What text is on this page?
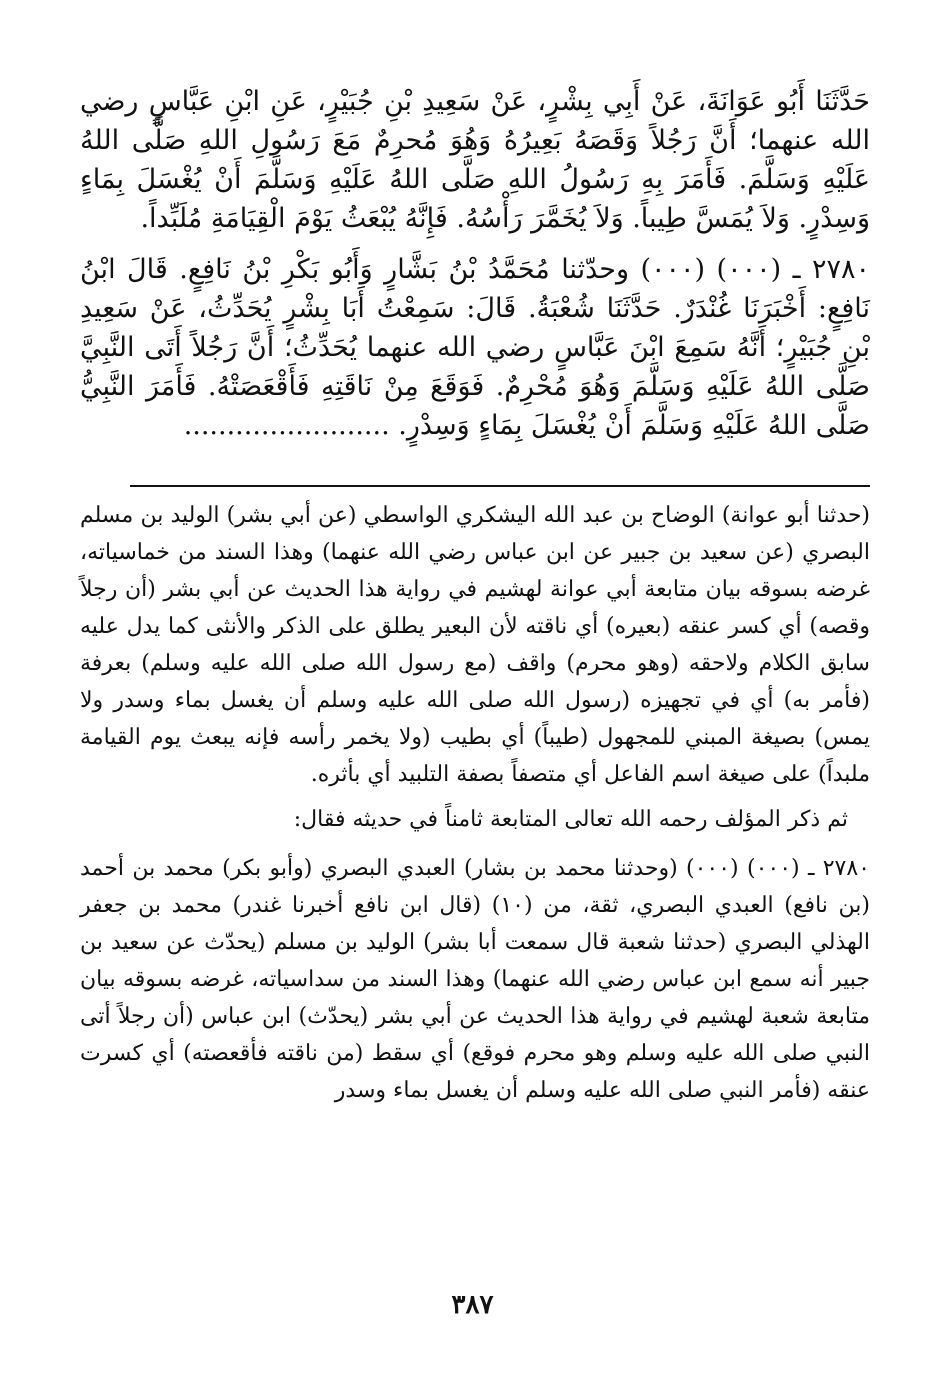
حَدَّثَنَا أَبُو عَوَانَةَ، عَنْ أَبِي بِشْرٍ، عَنْ سَعِيدِ بْنِ جُبَيْرٍ، عَنِ ابْنِ عَبَّاسٍ رضي الله عنهما؛ أَنَّ رَجُلاً وَقَصَهُ بَعِيرُهُ وَهُوَ مُحرِمٌ مَعَ رَسُولِ اللهِ صَلَّى اللهُ عَلَيْهِ وَسَلَّمَ. فَأَمَرَ بِهِ رَسُولُ اللهِ صَلَّى اللهُ عَلَيْهِ وَسَلَّمَ أَنْ يُغْسَلَ بِمَاءٍ وَسِدْرٍ. وَلاَ يُمَسَّ طِيباً. وَلاَ يُخَمَّرَ رَأْسُهُ. فَإِنَّهُ يُبْعَثُ يَوْمَ الْقِيَامَةِ مُلَبِّداً.

٢٧٨٠ ـ (٠٠٠) (٠٠٠) وحدّثنا مُحَمَّدُ بْنُ بَشَّارٍ وَأَبُو بَكْرِ بْنُ نَافِعٍ. قَالَ ابْنُ نَافِعٍ: أَخْبَرَنَا غُنْدَرٌ. حَدَّثَنَا شُعْبَةُ. قَالَ: سَمِعْتُ أَبَا بِشْرٍ يُحَدِّثُ، عَنْ سَعِيدِ بْنِ جُبَيْرٍ؛ أَنَّهُ سَمِعَ ابْنَ عَبَّاسٍ رضي الله عنهما يُحَدِّثُ؛ أَنَّ رَجُلاً أَتَى النَّبِيَّ صَلَّى اللهُ عَلَيْهِ وَسَلَّمَ وَهُوَ مُحْرِمٌ. فَوَقَعَ مِنْ نَاقَتِهِ فَأَقْعَصَتْهُ. فَأَمَرَ النَّبِيُّ صَلَّى اللهُ عَلَيْهِ وَسَلَّمَ أَنْ يُغْسَلَ بِمَاءٍ وَسِدْرٍ. ........................

(حدثنا أبو عوانة) الوضاح بن عبد الله اليشكري الواسطي (عن أبي بشر) الوليد بن مسلم البصري (عن سعيد بن جبير عن ابن عباس رضي الله عنهما) وهذا السند من خماسياته، غرضه بسوقه بيان متابعة أبي عوانة لهشيم في رواية هذا الحديث عن أبي بشر (أن رجلاً وقصه) أي كسر عنقه (بعيره) أي ناقته لأن البعير يطلق على الذكر والأنثى كما يدل عليه سابق الكلام ولاحقه (وهو محرم) واقف (مع رسول الله صلى الله عليه وسلم) بعرفة (فأمر به) أي في تجهيزه (رسول الله صلى الله عليه وسلم أن يغسل بماء وسدر ولا يمس) بصيغة المبني للمجهول (طيباً) أي بطيب (ولا يخمر رأسه فإنه يبعث يوم القيامة ملبداً) على صيغة اسم الفاعل أي متصفاً بصفة التلبيد أي بأثره.

ثم ذكر المؤلف رحمه الله تعالى المتابعة ثامناً في حديثه فقال:

٢٧٨٠ ـ (٠٠٠) (٠٠٠) (وحدثنا محمد بن بشار) العبدي البصري (وأبو بكر) محمد بن أحمد (بن نافع) العبدي البصري، ثقة، من (١٠) (قال ابن نافع أخبرنا غندر) محمد بن جعفر الهذلي البصري (حدثنا شعبة قال سمعت أبا بشر) الوليد بن مسلم (يحدّث عن سعيد بن جبير أنه سمع ابن عباس رضي الله عنهما) وهذا السند من سداسياته، غرضه بسوقه بيان متابعة شعبة لهشيم في رواية هذا الحديث عن أبي بشر (يحدّث) ابن عباس (أن رجلاً أتى النبي صلى الله عليه وسلم وهو محرم فوقع) أي سقط (من ناقته فأقعصته) أي كسرت عنقه (فأمر النبي صلى الله عليه وسلم أن يغسل بماء وسدر

٣٨٧
